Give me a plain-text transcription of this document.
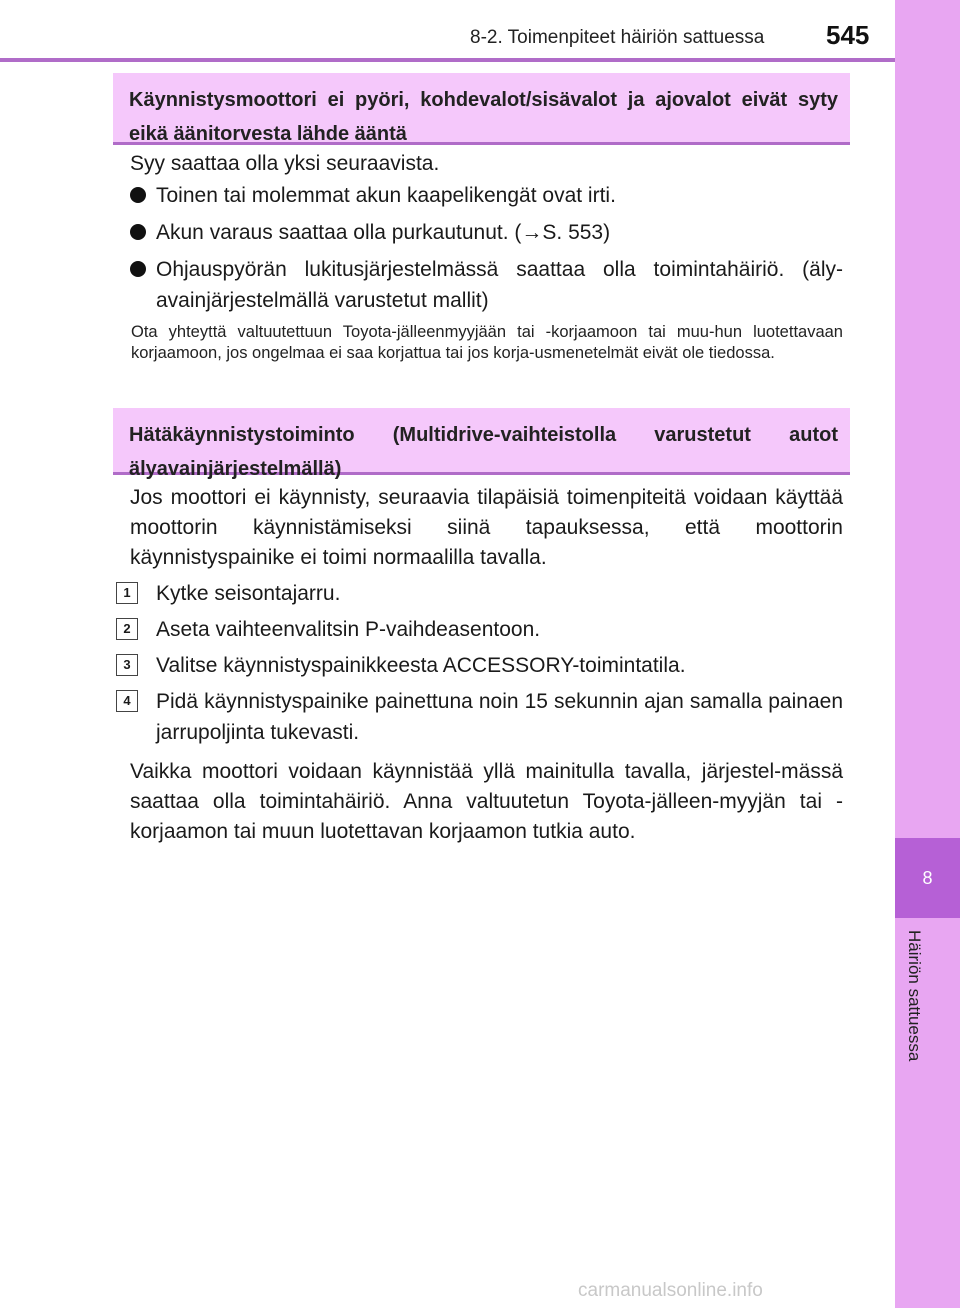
8-2. Toimenpiteet häiriön sattuessa 545
8
Häiriön sattuessa
Käynnistysmoottori ei pyöri, kohdevalot/sisävalot ja ajovalot eivät syty eikä äänitorvesta lähde ääntä
Syy saattaa olla yksi seuraavista.
Toinen tai molemmat akun kaapelikengät ovat irti.
Akun varaus saattaa olla purkautunut. (→S. 553)
Ohjauspyörän lukitusjärjestelmässä saattaa olla toimintahäiriö. (äly-avainjärjestelmällä varustetut mallit)
Ota yhteyttä valtuutettuun Toyota-jälleenmyyjään tai -korjaamoon tai muu-hun luotettavaan korjaamoon, jos ongelmaa ei saa korjattua tai jos korja-usmenetelmät eivät ole tiedossa.
Hätäkäynnistystoiminto (Multidrive-vaihteistolla varustetut autot älyavainjärjestelmällä)
Jos moottori ei käynnisty, seuraavia tilapäisiä toimenpiteitä voidaan käyttää moottorin käynnistämiseksi siinä tapauksessa, että moottorin käynnistyspainike ei toimi normaalilla tavalla.
1	Kytke seisontajarru.
2	Aseta vaihteenvalitsin P-vaihdeasentoon.
3	Valitse käynnistyspainikkeesta ACCESSORY-toimintatila.
4	Pidä käynnistyspainike painettuna noin 15 sekunnin ajan samalla painaen jarrupoljinta tukevasti.
Vaikka moottori voidaan käynnistää yllä mainitulla tavalla, järjestel-mässä saattaa olla toimintahäiriö. Anna valtuutetun Toyota-jälleen-myyjän tai -korjaamon tai muun luotettavan korjaamon tutkia auto.
carmanualsonline.info
